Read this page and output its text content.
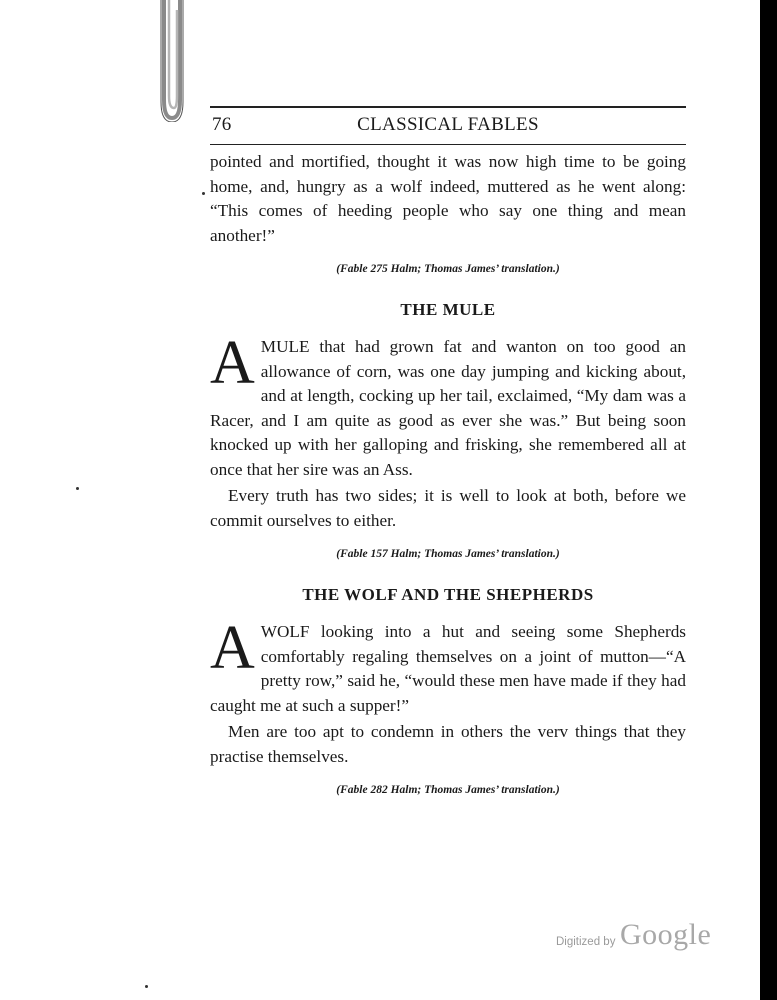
76	CLASSICAL FABLES

pointed and mortified, thought it was now high time to be going home, and, hungry as a wolf indeed, muttered as he went along: “This comes of heeding people who say one thing and mean another!”

(Fable 275 Halm; Thomas James’ translation.)

THE MULE
A MULE that had grown fat and wanton on too good an allowance of corn, was one day jumping and kicking about, and at length, cocking up her tail, exclaimed, “My dam was a Racer, and I am quite as good as ever she was.” But being soon knocked up with her galloping and frisking, she remembered all at once that her sire was an Ass.

Every truth has two sides; it is well to look at both, before we commit ourselves to either.

(Fable 157 Halm; Thomas James’ translation.)

THE WOLF AND THE SHEPHERDS
A WOLF looking into a hut and seeing some Shepherds comfortably regaling themselves on a joint of mutton—“A pretty row,” said he, “would these men have made if they had caught me at such a supper!”

Men are too apt to condemn in others the verv things that they practise themselves.

(Fable 282 Halm; Thomas James’ translation.)

Digitized by Google
